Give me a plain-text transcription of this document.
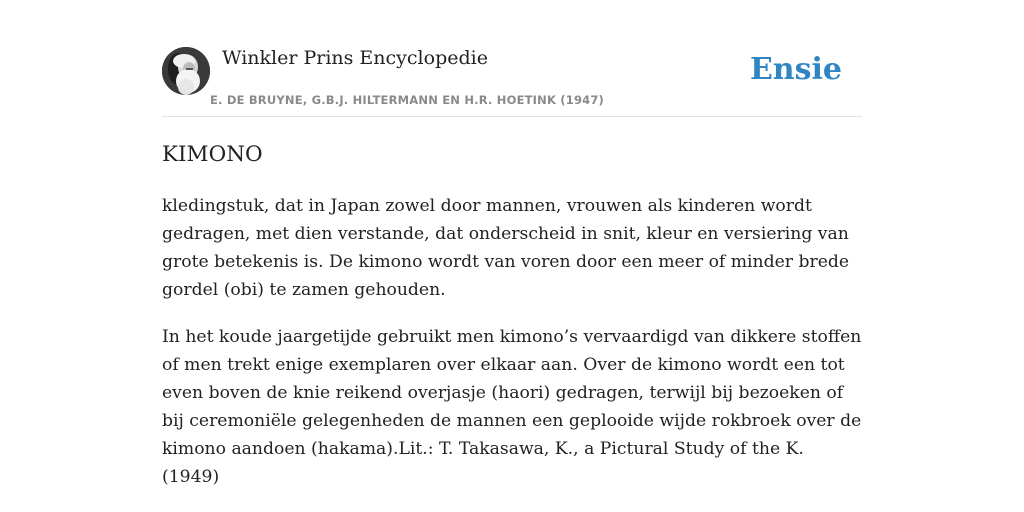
Winkler Prins Encyclopedie
E. DE BRUYNE, G.B.J. HILTERMANN EN H.R. HOETINK (1947)
Ensie
KIMONO

kledingstuk, dat in Japan zowel door mannen, vrouwen als kinderen wordt gedragen, met dien verstande, dat onderscheid in snit, kleur en versiering van grote betekenis is. De kimono wordt van voren door een meer of minder brede gordel (obi) te zamen gehouden.

In het koude jaargetijde gebruikt men kimono’s vervaardigd van dikkere stoffen of men trekt enige exemplaren over elkaar aan. Over de kimono wordt een tot even boven de knie reikend overjasje (haori) gedragen, terwijl bij bezoeken of bij ceremoniële gelegenheden de mannen een geplooide wijde rokbroek over de kimono aandoen (hakama).Lit.: T. Takasawa, K., a Pictural Study of the K. (1949)
